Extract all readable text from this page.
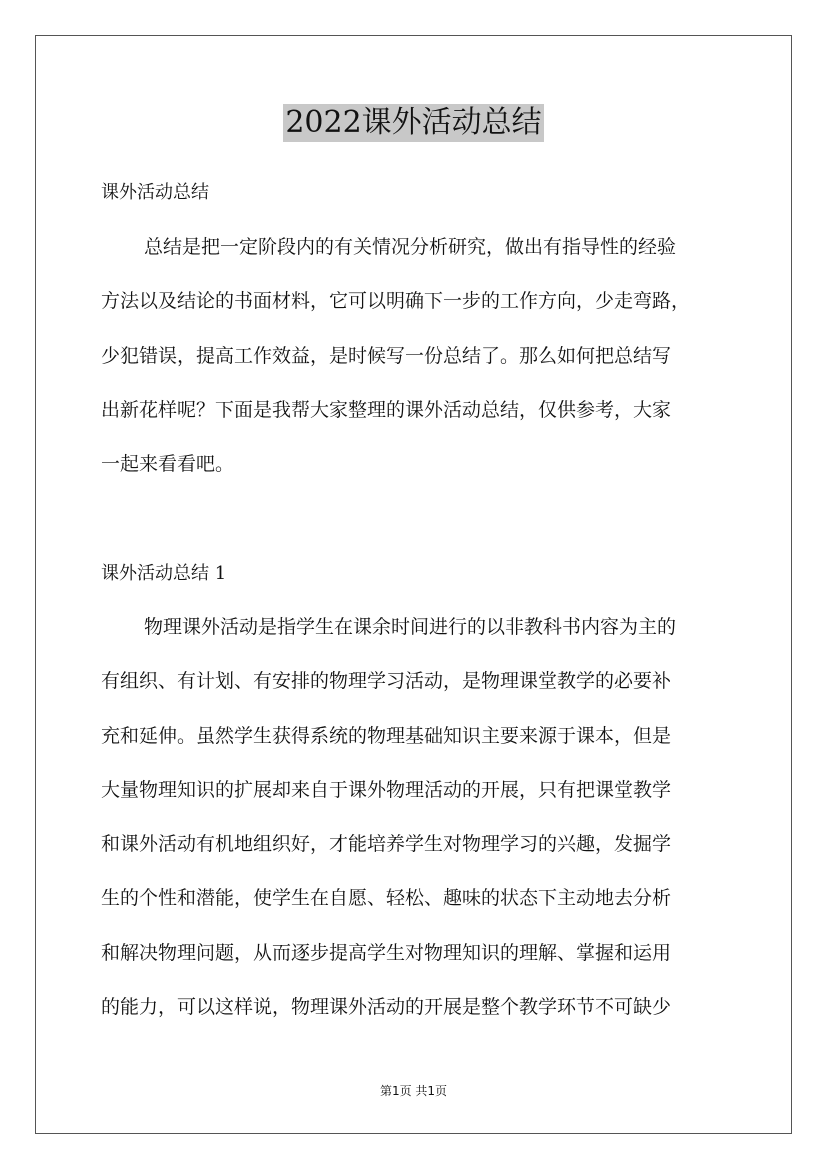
2022课外活动总结
课外活动总结
总结是把一定阶段内的有关情况分析研究，做出有指导性的经验
方法以及结论的书面材料，它可以明确下一步的工作方向，少走弯路，
少犯错误，提高工作效益，是时候写一份总结了。那么如何把总结写
出新花样呢？下面是我帮大家整理的课外活动总结，仅供参考，大家
一起来看看吧。
课外活动总结 1
物理课外活动是指学生在课余时间进行的以非教科书内容为主的
有组织、有计划、有安排的物理学习活动，是物理课堂教学的必要补
充和延伸。虽然学生获得系统的物理基础知识主要来源于课本，但是
大量物理知识的扩展却来自于课外物理活动的开展，只有把课堂教学
和课外活动有机地组织好，才能培养学生对物理学习的兴趣，发掘学
生的个性和潜能，使学生在自愿、轻松、趣味的状态下主动地去分析
和解决物理问题，从而逐步提高学生对物理知识的理解、掌握和运用
的能力，可以这样说，物理课外活动的开展是整个教学环节不可缺少
第1页 共1页
